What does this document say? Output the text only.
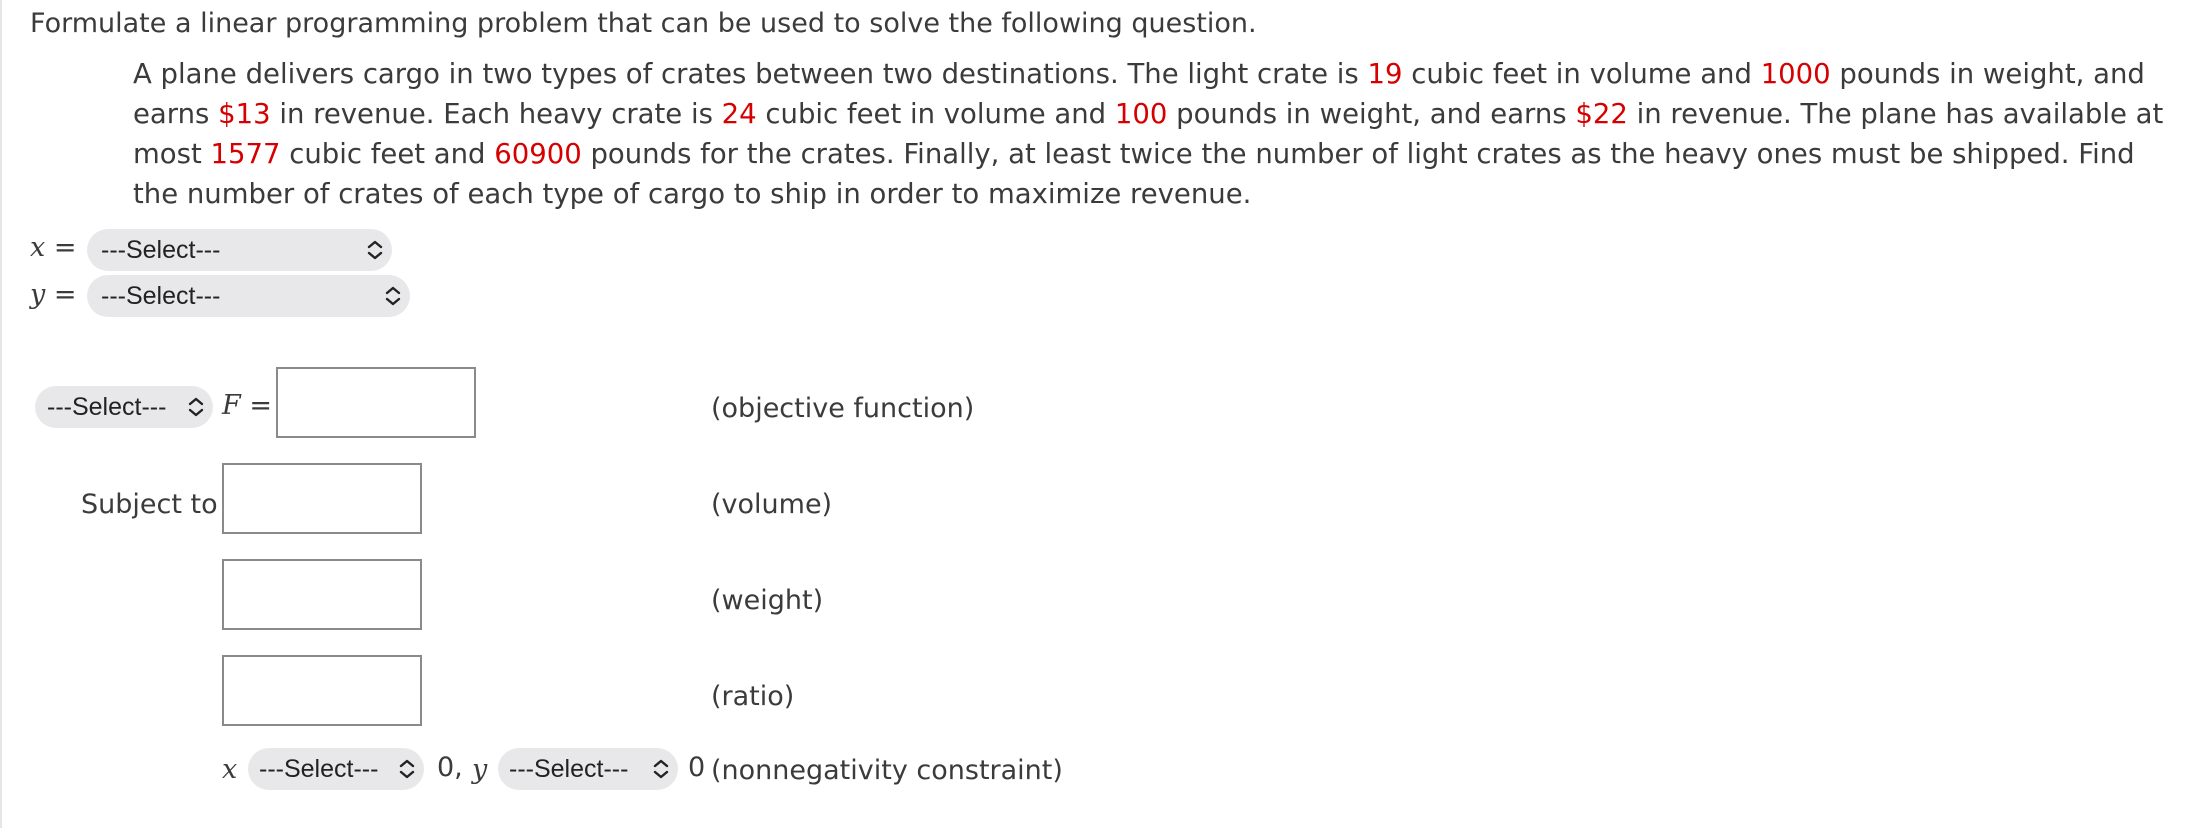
Formulate a linear programming problem that can be used to solve the following question.

A plane delivers cargo in two types of crates between two destinations. The light crate is 19 cubic feet in volume and 1000 pounds in weight, and earns $13 in revenue. Each heavy crate is 24 cubic feet in volume and 100 pounds in weight, and earns $22 in revenue. The plane has available at most 1577 cubic feet and 60900 pounds for the crates. Finally, at least twice the number of light crates as the heavy ones must be shipped. Find the number of crates of each type of cargo to ship in order to maximize revenue.

x = ---Select---
y = ---Select---
---Select---	F =	(objective function)
Subject to	(volume)
(weight)
(ratio)
x ---Select---	0, y ---Select---	0 (nonnegativity constraint)
